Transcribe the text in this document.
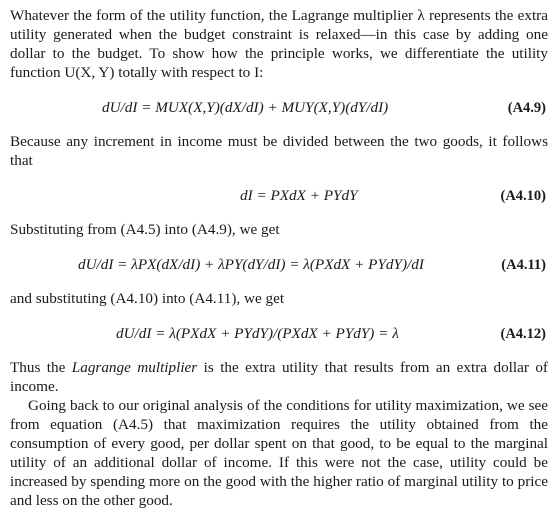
Whatever the form of the utility function, the Lagrange multiplier λ represents the extra utility generated when the budget constraint is relaxed—in this case by adding one dollar to the budget. To show how the principle works, we differentiate the utility function U(X, Y) totally with respect to I:

dU/dI = MUX(X,Y)(dX/dI) + MUY(X,Y)(dY/dI)	(A4.9)

Because any increment in income must be divided between the two goods, it follows that

dI = PXdX + PYdY	(A4.10)

Substituting from (A4.5) into (A4.9), we get

dU/dI = λPX(dX/dI) + λPY(dY/dI) = λ(PXdX + PYdY)/dI	(A4.11)

and substituting (A4.10) into (A4.11), we get

dU/dI = λ(PXdX + PYdY)/(PXdX + PYdY) = λ	(A4.12)

Thus the Lagrange multiplier is the extra utility that results from an extra dollar of income.

Going back to our original analysis of the conditions for utility maximization, we see from equation (A4.5) that maximization requires the utility obtained from the consumption of every good, per dollar spent on that good, to be equal to the marginal utility of an additional dollar of income. If this were not the case, utility could be increased by spending more on the good with the higher ratio of marginal utility to price and less on the other good.
